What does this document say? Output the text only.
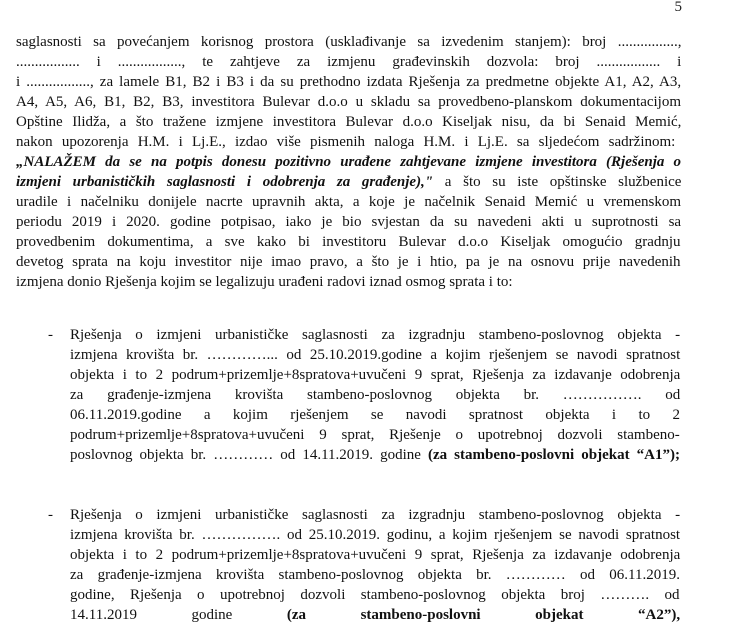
5
saglasnosti sa povećanjem korisnog prostora (usklađivanje sa izvedenim stanjem): broj ................,
................. i ................., te zahtjeve za izmjenu građevinskih dozvola: broj ................. i
i ................., za lamele B1, B2 i B3 i da su prethodno izdata Rješenja za predmetne objekte A1, A2, A3,
A4, A5, A6, B1, B2, B3, investitora Bulevar d.o.o u skladu sa provedbeno-planskom dokumentacijom
Opštine Ilidža, a što tražene izmjene investitora Bulevar d.o.o Kiseljak nisu, da bi Senaid Memić,
nakon upozorenja H.M. i Lj.E., izdao više pismenih naloga H.M. i Lj.E. sa sljedećom sadržinom:
„NALAŽEM da se na potpis donesu pozitivno urađene zahtjevane izmjene investitora (Rješenja o
izmjeni urbanističkih saglasnosti i odobrenja za građenje)," a što su iste opštinske službenice
uradile i načelniku donijele nacrte upravnih akta, a koje je načelnik Senaid Memić u vremenskom
periodu 2019 i 2020. godine potpisao, iako je bio svjestan da su navedeni akti u suprotnosti sa
provedbenim dokumentima, a sve kako bi investitoru Bulevar d.o.o Kiseljak omogućio gradnju
devetog sprata na koju investitor nije imao pravo, a što je i htio, pa je na osnovu prije navedenih
izmjena donio Rješenja kojim se legalizuju urađeni radovi iznad osmog sprata i to:
- Rješenja o izmjeni urbanističke saglasnosti za izgradnju stambeno-poslovnog objekta -
izmjena krovišta br. …………... od 25.10.2019.godine a kojim rješenjem se navodi spratnost
objekta i to 2 podrum+prizemlje+8spratova+uvučeni 9 sprat, Rješenja za izdavanje odobrenja
za građenje-izmjena krovišta stambeno-poslovnog objekta br. ……………. od
06.11.2019.godine a kojim rješenjem se navodi spratnost objekta i to 2
podrum+prizemlje+8spratova+uvučeni 9 sprat, Rješenje o upotrebnoj dozvoli stambeno-
poslovnog objekta br. ………… od 14.11.2019. godine (za stambeno-poslovni objekat “A1”);
- Rješenja o izmjeni urbanističke saglasnosti za izgradnju stambeno-poslovnog objekta -
izmjena krovišta br. ……………. od 25.10.2019. godinu, a kojim rješenjem se navodi spratnost
objekta i to 2 podrum+prizemlje+8spratova+uvučeni 9 sprat, Rješenja za izdavanje odobrenja
za građenje-izmjena krovišta stambeno-poslovnog objekta br. ………… od 06.11.2019.
godine, Rješenja o upotrebnoj dozvoli stambeno-poslovnog objekta broj ………. od
14.11.2019 godine (za stambeno-poslovni objekat “A2”),
